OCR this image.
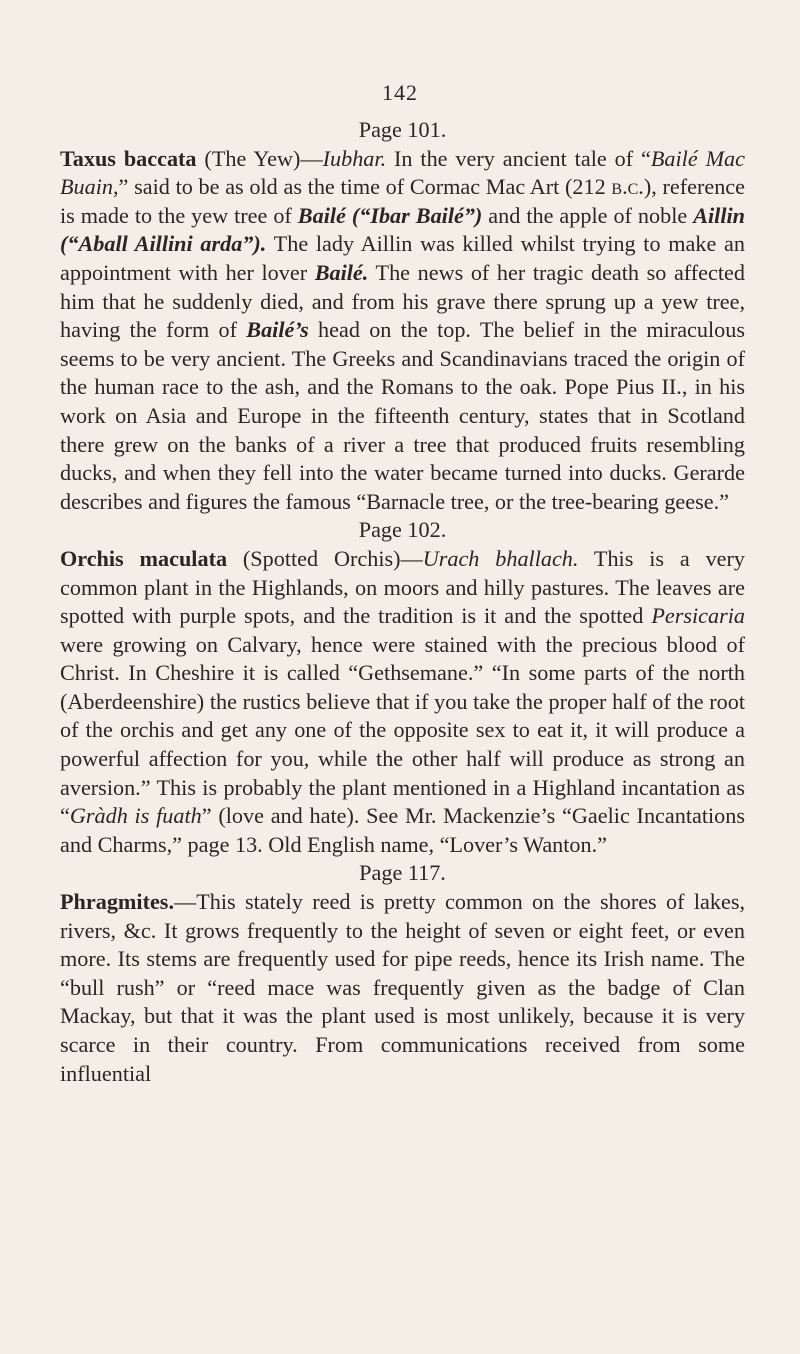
142

Page 101.

Taxus baccata (The Yew)—Iubhar. In the very ancient tale of “Bailé Mac Buain,” said to be as old as the time of Cormac Mac Art (212 b.c.), reference is made to the yew tree of Bailé (“Ibar Bailé”) and the apple of noble Aillin (“Aball Aillini arda”). The lady Aillin was killed whilst trying to make an appointment with her lover Bailé. The news of her tragic death so affected him that he suddenly died, and from his grave there sprung up a yew tree, having the form of Bailé’s head on the top. The belief in the miraculous seems to be very ancient. The Greeks and Scandinavians traced the origin of the human race to the ash, and the Romans to the oak. Pope Pius II., in his work on Asia and Europe in the fifteenth century, states that in Scotland there grew on the banks of a river a tree that produced fruits resembling ducks, and when they fell into the water became turned into ducks. Gerarde describes and figures the famous “Barnacle tree, or the tree-bearing geese.”

Page 102.

Orchis maculata (Spotted Orchis)—Urach bhallach. This is a very common plant in the Highlands, on moors and hilly pastures. The leaves are spotted with purple spots, and the tradition is it and the spotted Persicaria were growing on Calvary, hence were stained with the precious blood of Christ. In Cheshire it is called “Gethsemane.” “In some parts of the north (Aberdeenshire) the rustics believe that if you take the proper half of the root of the orchis and get any one of the opposite sex to eat it, it will produce a powerful affection for you, while the other half will produce as strong an aversion.” This is probably the plant mentioned in a Highland incantation as “Gràdh is fuath” (love and hate). See Mr. Mackenzie’s “Gaelic Incantations and Charms,” page 13. Old English name, “Lover’s Wanton.”

Page 117.

Phragmites.—This stately reed is pretty common on the shores of lakes, rivers, &c. It grows frequently to the height of seven or eight feet, or even more. Its stems are frequently used for pipe reeds, hence its Irish name. The “bull rush” or “reed mace was frequently given as the badge of Clan Mackay, but that it was the plant used is most unlikely, because it is very scarce in their country. From communications received from some influential
